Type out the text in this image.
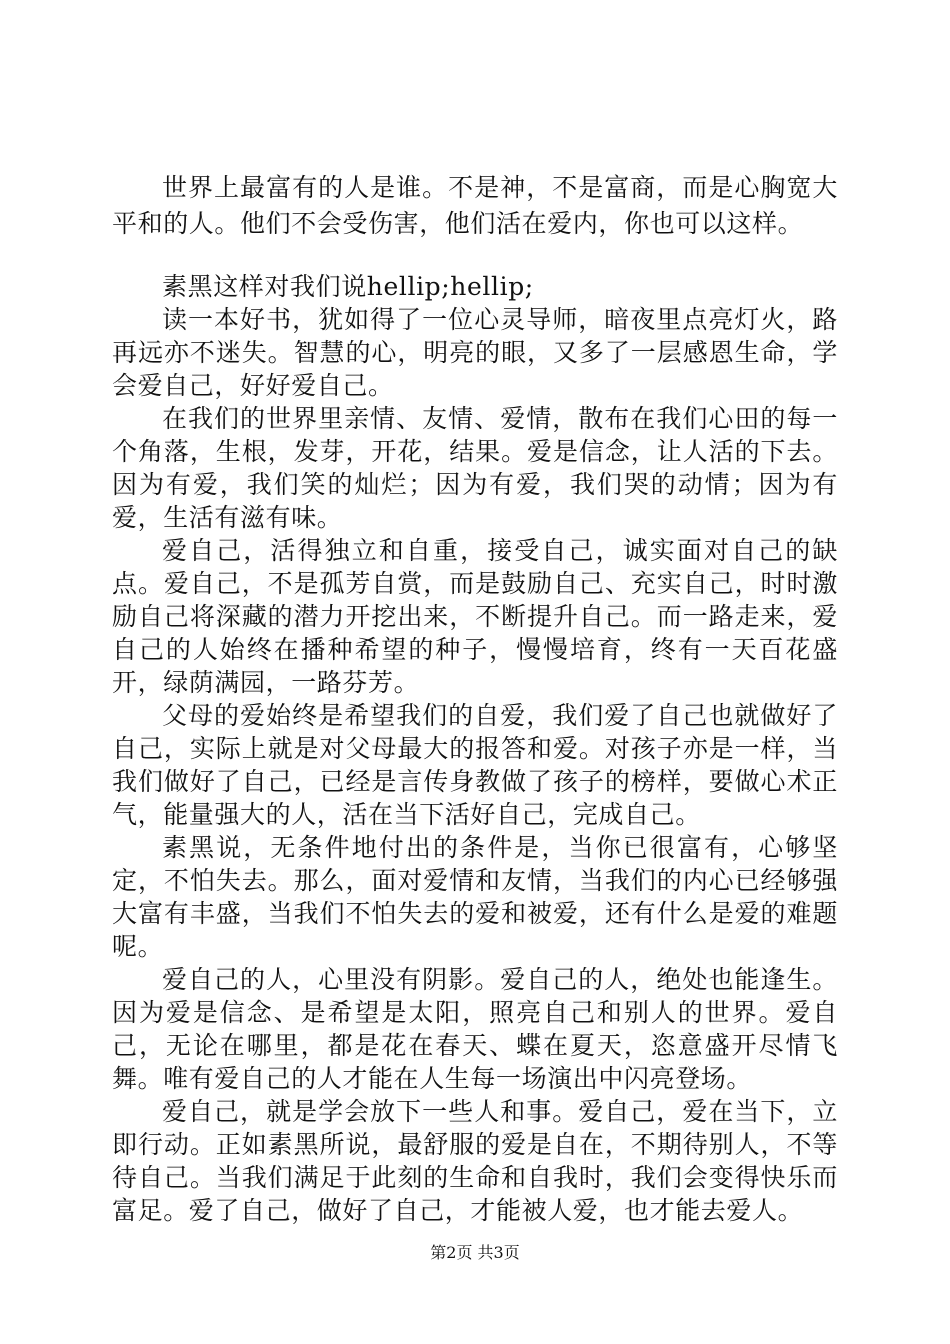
世界上最富有的人是谁。不是神，不是富商，而是心胸宽大平和的人。他们不会受伤害，他们活在爱内，你也可以这样。

素黑这样对我们说hellip;hellip;

读一本好书，犹如得了一位心灵导师，暗夜里点亮灯火，路再远亦不迷失。智慧的心，明亮的眼，又多了一层感恩生命，学会爱自己，好好爱自己。

在我们的世界里亲情、友情、爱情，散布在我们心田的每一个角落，生根，发芽，开花，结果。爱是信念，让人活的下去。因为有爱，我们笑的灿烂；因为有爱，我们哭的动情；因为有爱，生活有滋有味。

爱自己，活得独立和自重，接受自己，诚实面对自己的缺点。爱自己，不是孤芳自赏，而是鼓励自己、充实自己，时时激励自己将深藏的潜力开挖出来，不断提升自己。而一路走来，爱自己的人始终在播种希望的种子，慢慢培育，终有一天百花盛开，绿荫满园，一路芬芳。

父母的爱始终是希望我们的自爱，我们爱了自己也就做好了自己，实际上就是对父母最大的报答和爱。对孩子亦是一样，当我们做好了自己，已经是言传身教做了孩子的榜样，要做心术正气，能量强大的人，活在当下活好自己，完成自己。

素黑说，无条件地付出的条件是，当你已很富有，心够坚定，不怕失去。那么，面对爱情和友情，当我们的内心已经够强大富有丰盛，当我们不怕失去的爱和被爱，还有什么是爱的难题呢。

爱自己的人，心里没有阴影。爱自己的人，绝处也能逢生。因为爱是信念、是希望是太阳，照亮自己和别人的世界。爱自己，无论在哪里，都是花在春天、蝶在夏天，恣意盛开尽情飞舞。唯有爱自己的人才能在人生每一场演出中闪亮登场。

爱自己，就是学会放下一些人和事。爱自己，爱在当下，立即行动。正如素黑所说，最舒服的爱是自在，不期待别人，不等待自己。当我们满足于此刻的生命和自我时，我们会变得快乐而富足。爱了自己，做好了自己，才能被人爱，也才能去爱人。

第2页 共3页
